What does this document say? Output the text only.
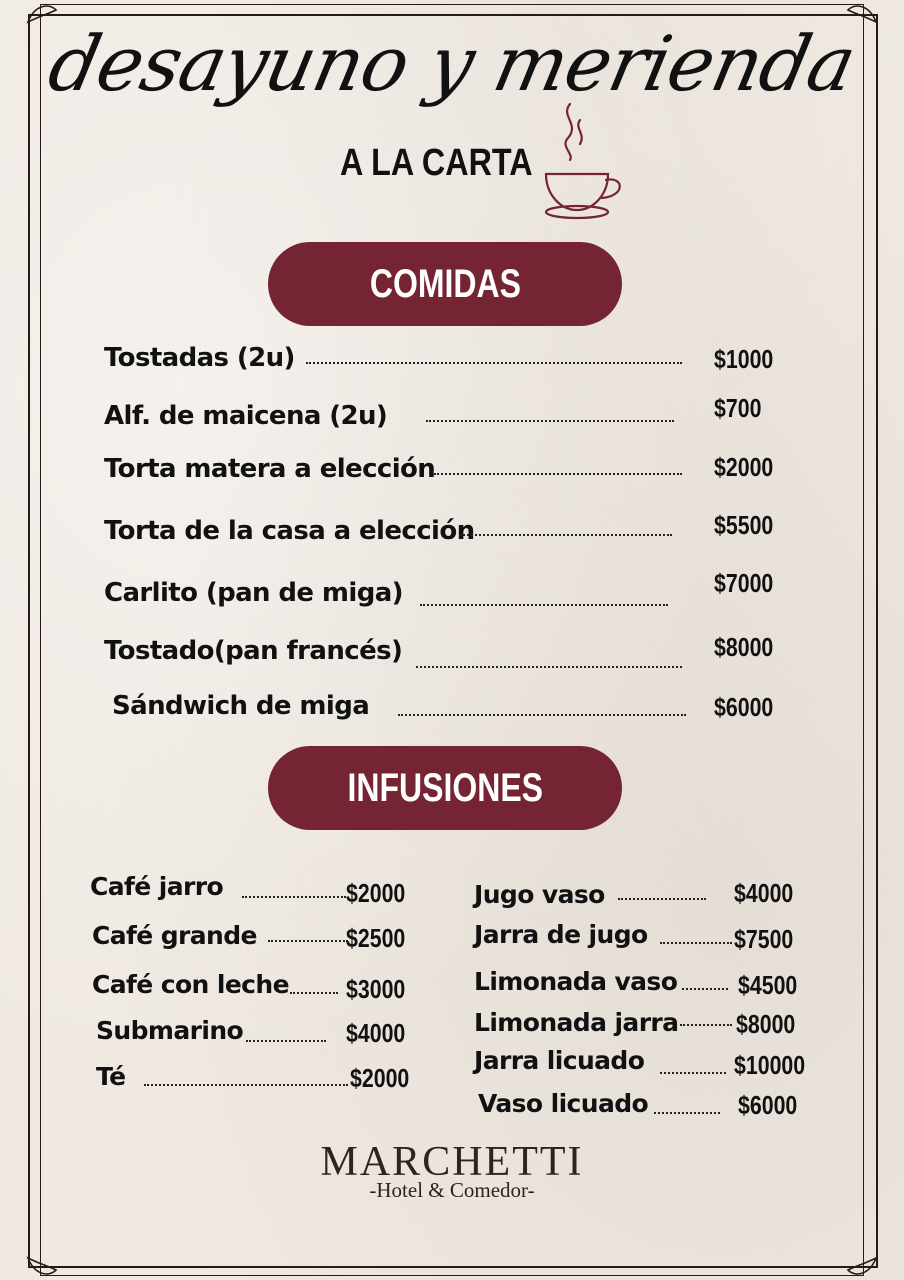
desayuno y merienda
A LA CARTA
COMIDAS
Tostadas (2u)	$1000
Alf. de maicena (2u)	$700
Torta matera a elección	$2000
Torta de la casa a elección	$5500
Carlito (pan de miga)	$7000
Tostado(pan francés)	$8000
Sándwich de miga	$6000
INFUSIONES
Café jarro	$2000
Café grande	$2500
Café con leche $3000
Submarino	$4000
Té	$2000
Jugo vaso	$4000
Jarra de jugo	$7500
Limonada vaso $4500
Limonada jarra $8000
Jarra licuado	$10000
Vaso licuado	$6000
MARCHETTI
-Hotel & Comedor-
